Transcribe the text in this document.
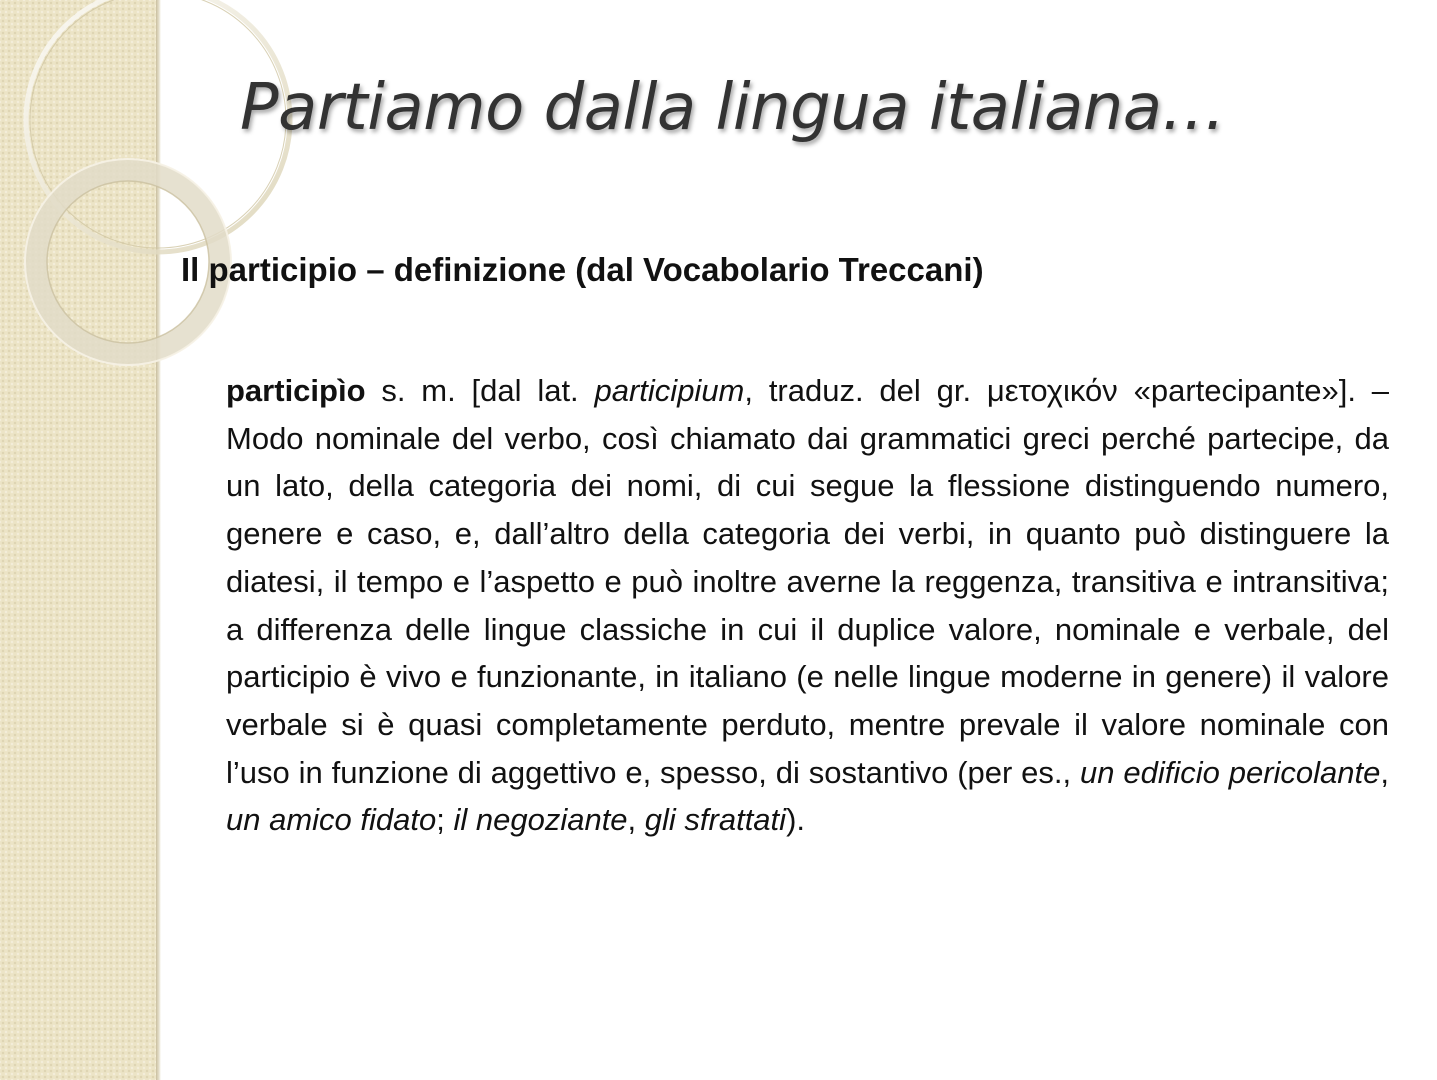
Partiamo dalla lingua italiana…
Il participio – definizione (dal Vocabolario Treccani)

participìo s. m. [dal lat. participium, traduz. del gr. μετοχικόν «partecipante»]. – Modo nominale del verbo, così chiamato dai grammatici greci perché partecipe, da un lato, della categoria dei nomi, di cui segue la flessione distinguendo numero, genere e caso, e, dall’altro della categoria dei verbi, in quanto può distinguere la diatesi, il tempo e l’aspetto e può inoltre averne la reggenza, transitiva e intransitiva; a differenza delle lingue classiche in cui il duplice valore, nominale e verbale, del participio è vivo e funzionante, in italiano (e nelle lingue moderne in genere) il valore verbale si è quasi completamente perduto, mentre prevale il valore nominale con l’uso in funzione di aggettivo e, spesso, di sostantivo (per es., un edificio pericolante, un amico fidato; il negoziante, gli sfrattati).
